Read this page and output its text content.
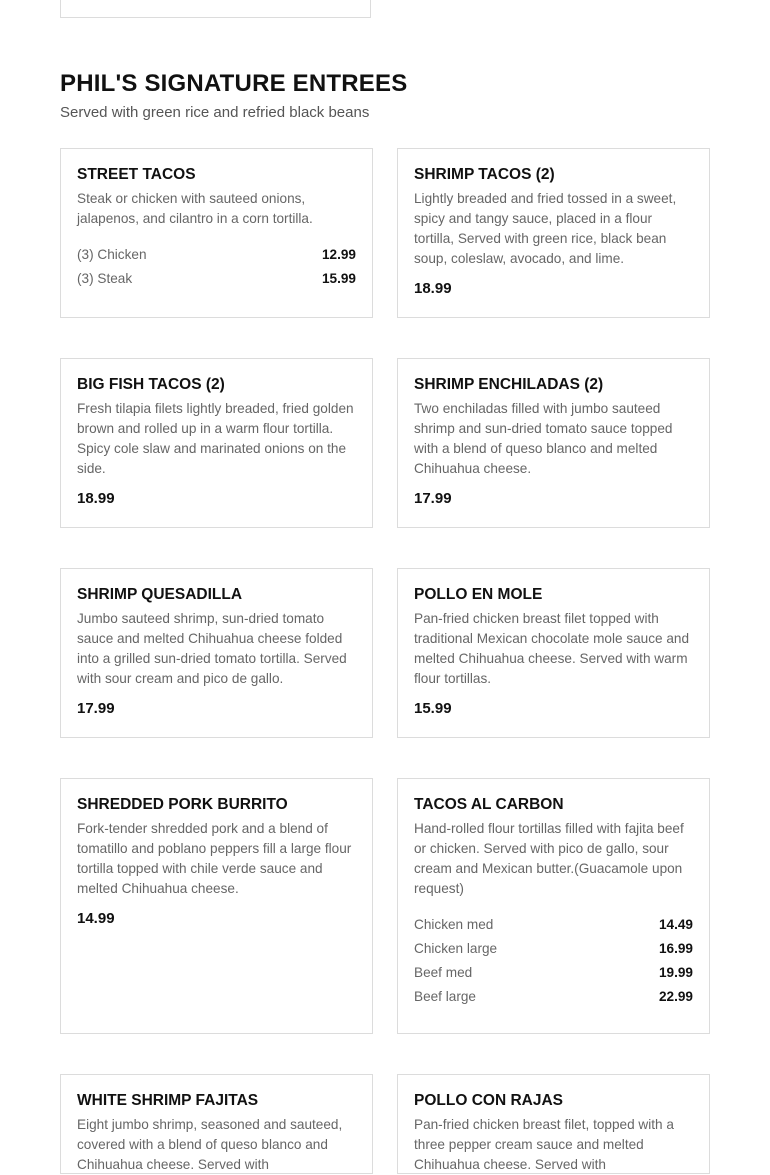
PHIL'S SIGNATURE ENTREES

Served with green rice and refried black beans

STREET TACOS

Steak or chicken with sauteed onions, jalapenos, and cilantro in a corn tortilla.

(3) Chicken	12.99
(3) Steak	15.99
SHRIMP TACOS (2)

Lightly breaded and fried tossed in a sweet, spicy and tangy sauce, placed in a flour tortilla, Served with green rice, black bean soup, coleslaw, avocado, and lime.

18.99

BIG FISH TACOS (2)

Fresh tilapia filets lightly breaded, fried golden brown and rolled up in a warm flour tortilla. Spicy cole slaw and marinated onions on the side.

18.99

SHRIMP ENCHILADAS (2)

Two enchiladas filled with jumbo sauteed shrimp and sun-dried tomato sauce topped with a blend of queso blanco and melted Chihuahua cheese.

17.99

SHRIMP QUESADILLA

Jumbo sauteed shrimp, sun-dried tomato sauce and melted Chihuahua cheese folded into a grilled sun-dried tomato tortilla. Served with sour cream and pico de gallo.

17.99

POLLO EN MOLE

Pan-fried chicken breast filet topped with traditional Mexican chocolate mole sauce and melted Chihuahua cheese. Served with warm flour tortillas.

15.99

SHREDDED PORK BURRITO

Fork-tender shredded pork and a blend of tomatillo and poblano peppers fill a large flour tortilla topped with chile verde sauce and melted Chihuahua cheese.

14.99

TACOS AL CARBON

Hand-rolled flour tortillas filled with fajita beef or chicken. Served with pico de gallo, sour cream and Mexican butter.(Guacamole upon request)

Chicken med	14.49
Chicken large	16.99
Beef med	19.99
Beef large	22.99
WHITE SHRIMP FAJITAS

Eight jumbo shrimp, seasoned and sauteed, covered with a blend of queso blanco and Chihuahua cheese. Served with

POLLO CON RAJAS

Pan-fried chicken breast filet, topped with a three pepper cream sauce and melted Chihuahua cheese. Served with
